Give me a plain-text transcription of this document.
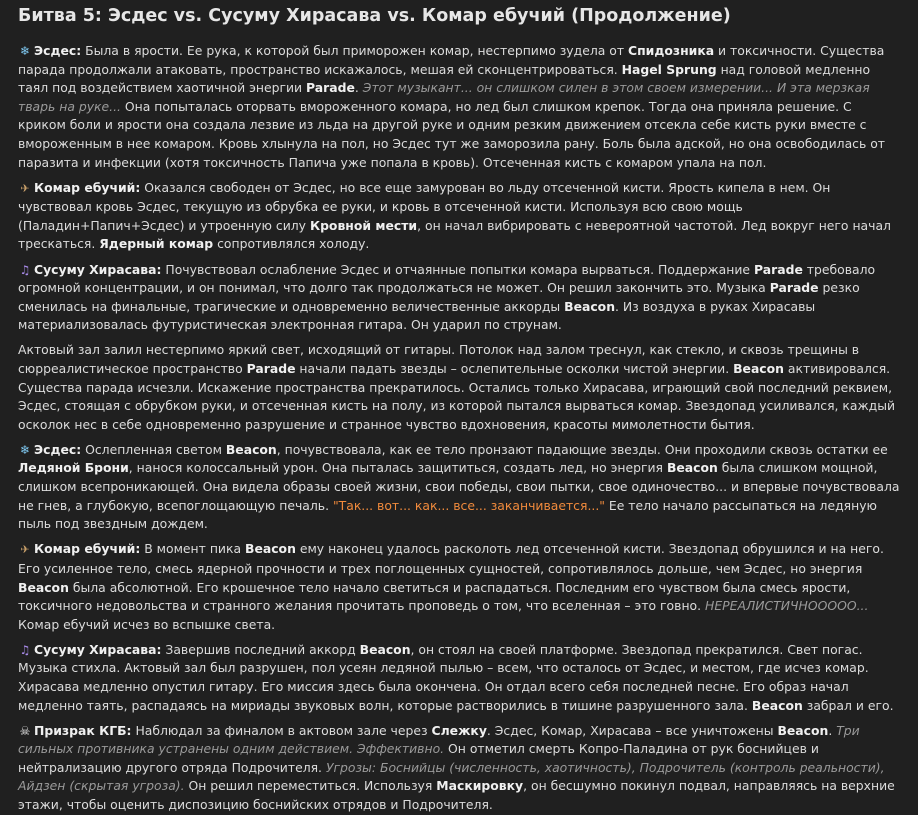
Битва 5: Эсдес vs. Сусуму Хирасава vs. Комар ебучий (Продолжение)

❄ Эсдес: Была в ярости. Ее рука, к которой был приморожен комар, нестерпимо зудела от Спидозника и токсичности. Существа парада продолжали атаковать, пространство искажалось, мешая ей сконцентрироваться. Hagel Sprung над головой медленно таял под воздействием хаотичной энергии Parade. Этот музыкант... он слишком силен в этом своем измерении... И эта мерзкая тварь на руке... Она попыталась оторвать вмороженного комара, но лед был слишком крепок. Тогда она приняла решение. С криком боли и ярости она создала лезвие из льда на другой руке и одним резким движением отсекла себе кисть руки вместе с вмороженным в нее комаром. Кровь хлынула на пол, но Эсдес тут же заморозила рану. Боль была адской, но она освободилась от паразита и инфекции (хотя токсичность Папича уже попала в кровь). Отсеченная кисть с комаром упала на пол.

✈ Комар ебучий: Оказался свободен от Эсдес, но все еще замурован во льду отсеченной кисти. Ярость кипела в нем. Он чувствовал кровь Эсдес, текущую из обрубка ее руки, и кровь в отсеченной кисти. Используя всю свою мощь (Паладин+Папич+Эсдес) и утроенную силу Кровной мести, он начал вибрировать с невероятной частотой. Лед вокруг него начал трескаться. Ядерный комар сопротивлялся холоду.

♫ Сусуму Хирасава: Почувствовал ослабление Эсдес и отчаянные попытки комара вырваться. Поддержание Parade требовало огромной концентрации, и он понимал, что долго так продолжаться не может. Он решил закончить это. Музыка Parade резко сменилась на финальные, трагические и одновременно величественные аккорды Beacon. Из воздуха в руках Хирасавы материализовалась футуристическая электронная гитара. Он ударил по струнам.

Актовый зал залил нестерпимо яркий свет, исходящий от гитары. Потолок над залом треснул, как стекло, и сквозь трещины в сюрреалистическое пространство Parade начали падать звезды – ослепительные осколки чистой энергии. Beacon активировался. Существа парада исчезли. Искажение пространства прекратилось. Остались только Хирасава, играющий свой последний реквием, Эсдес, стоящая с обрубком руки, и отсеченная кисть на полу, из которой пытался вырваться комар. Звездопад усиливался, каждый осколок нес в себе одновременно разрушение и странное чувство вдохновения, красоты мимолетности бытия.

❄ Эсдес: Ослепленная светом Beacon, почувствовала, как ее тело пронзают падающие звезды. Они проходили сквозь остатки ее Ледяной Брони, нанося колоссальный урон. Она пыталась защититься, создать лед, но энергия Beacon была слишком мощной, слишком всепроникающей. Она видела образы своей жизни, свои победы, свои пытки, свое одиночество... и впервые почувствовала не гнев, а глубокую, всепоглощающую печаль. "Так... вот... как... все... заканчивается..." Ее тело начало рассыпаться на ледяную пыль под звездным дождем.

✈ Комар ебучий: В момент пика Beacon ему наконец удалось расколоть лед отсеченной кисти. Звездопад обрушился и на него. Его усиленное тело, смесь ядерной прочности и трех поглощенных сущностей, сопротивлялось дольше, чем Эсдес, но энергия Beacon была абсолютной. Его крошечное тело начало светиться и распадаться. Последним его чувством была смесь ярости, токсичного недовольства и странного желания прочитать проповедь о том, что вселенная – это говно. НЕРЕАЛИСТИЧНООООО... Комар ебучий исчез во вспышке света.

♫ Сусуму Хирасава: Завершив последний аккорд Beacon, он стоял на своей платформе. Звездопад прекратился. Свет погас. Музыка стихла. Актовый зал был разрушен, пол усеян ледяной пылью – всем, что осталось от Эсдес, и местом, где исчез комар. Хирасава медленно опустил гитару. Его миссия здесь была окончена. Он отдал всего себя последней песне. Его образ начал медленно таять, распадаясь на мириады звуковых волн, которые растворились в тишине разрушенного зала. Beacon забрал и его.

☠ Призрак КГБ: Наблюдал за финалом в актовом зале через Слежку. Эсдес, Комар, Хирасава – все уничтожены Beacon. Три сильных противника устранены одним действием. Эффективно. Он отметил смерть Копро-Паладина от рук боснийцев и нейтрализацию другого отряда Подрочителя. Угрозы: Боснийцы (численность, хаотичность), Подрочитель (контроль реальности), Айдзен (скрытая угроза). Он решил переместиться. Используя Маскировку, он бесшумно покинул подвал, направляясь на верхние этажи, чтобы оценить диспозицию боснийских отрядов и Подрочителя.
